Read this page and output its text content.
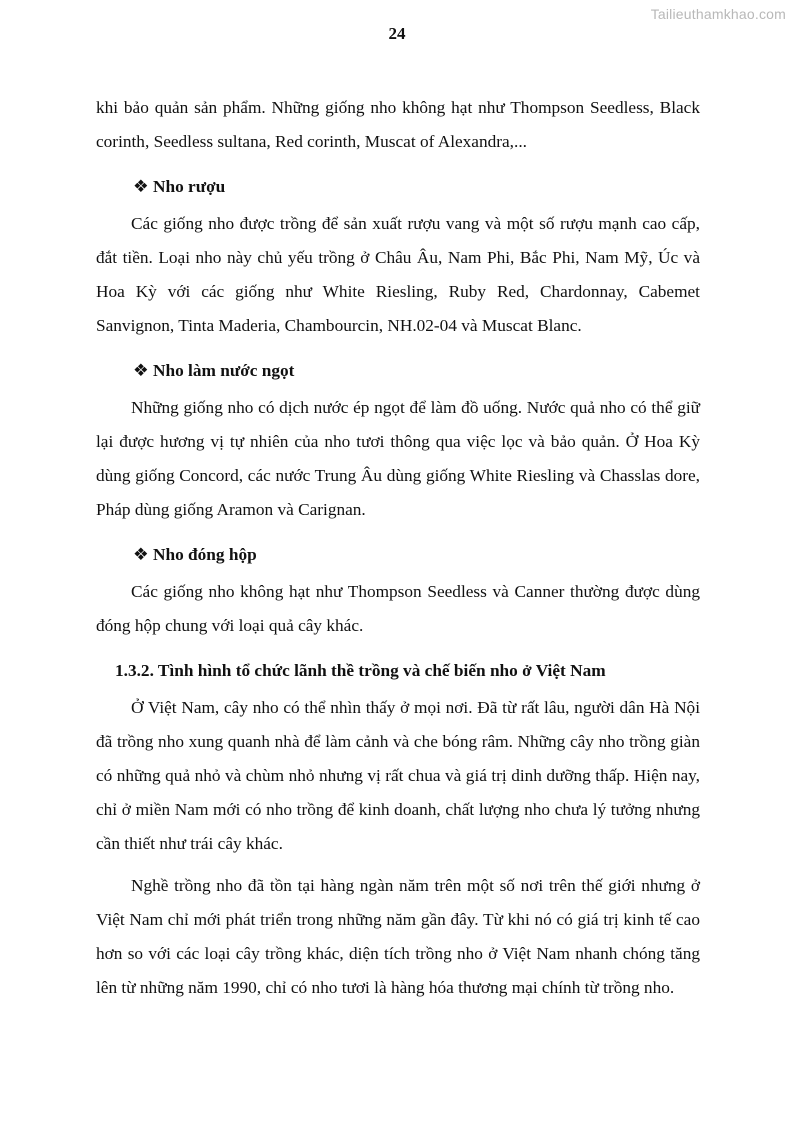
Tailieuthamkhao.com
24

khi bảo quản sản phẩm. Những giống nho không hạt như Thompson Seedless, Black corinth, Seedless sultana, Red corinth, Muscat of Alexandra,...

❖ Nho rượu

Các giống nho được trồng để sản xuất rượu vang và một số rượu mạnh cao cấp, đắt tiền. Loại nho này chủ yếu trồng ở Châu Âu, Nam Phi, Bắc Phi, Nam Mỹ, Úc và Hoa Kỳ với các giống như White Riesling, Ruby Red, Chardonnay, Cabemet Sanvignon, Tinta Maderia, Chambourcin, NH.02-04 và Muscat Blanc.

❖ Nho làm nước ngọt

Những giống nho có dịch nước ép ngọt để làm đồ uống. Nước quả nho có thể giữ lại được hương vị tự nhiên của nho tươi thông qua việc lọc và bảo quản. Ở Hoa Kỳ dùng giống Concord, các nước Trung Âu dùng giống White Riesling và Chasslas dore, Pháp dùng giống Aramon và Carignan.

❖ Nho đóng hộp

Các giống nho không hạt như Thompson Seedless và Canner thường được dùng đóng hộp chung với loại quả cây khác.

1.3.2. Tình hình tổ chức lãnh thề trồng và chế biến nho ở Việt Nam

Ở Việt Nam, cây nho có thể nhìn thấy ở mọi nơi. Đã từ rất lâu, người dân Hà Nội đã trồng nho xung quanh nhà để làm cảnh và che bóng râm. Những cây nho trồng giàn có những quả nhỏ và chùm nhỏ nhưng vị rất chua và giá trị dinh dưỡng thấp. Hiện nay, chỉ ở miền Nam mới có nho trồng để kinh doanh, chất lượng nho chưa lý tưởng nhưng cần thiết như trái cây khác.

Nghề trồng nho đã tồn tại hàng ngàn năm trên một số nơi trên thế giới nhưng ở Việt Nam chỉ mới phát triển trong những năm gần đây. Từ khi nó có giá trị kinh tế cao hơn so với các loại cây trồng khác, diện tích trồng nho ở Việt Nam nhanh chóng tăng lên từ những năm 1990, chỉ có nho tươi là hàng hóa thương mại chính từ trồng nho.
